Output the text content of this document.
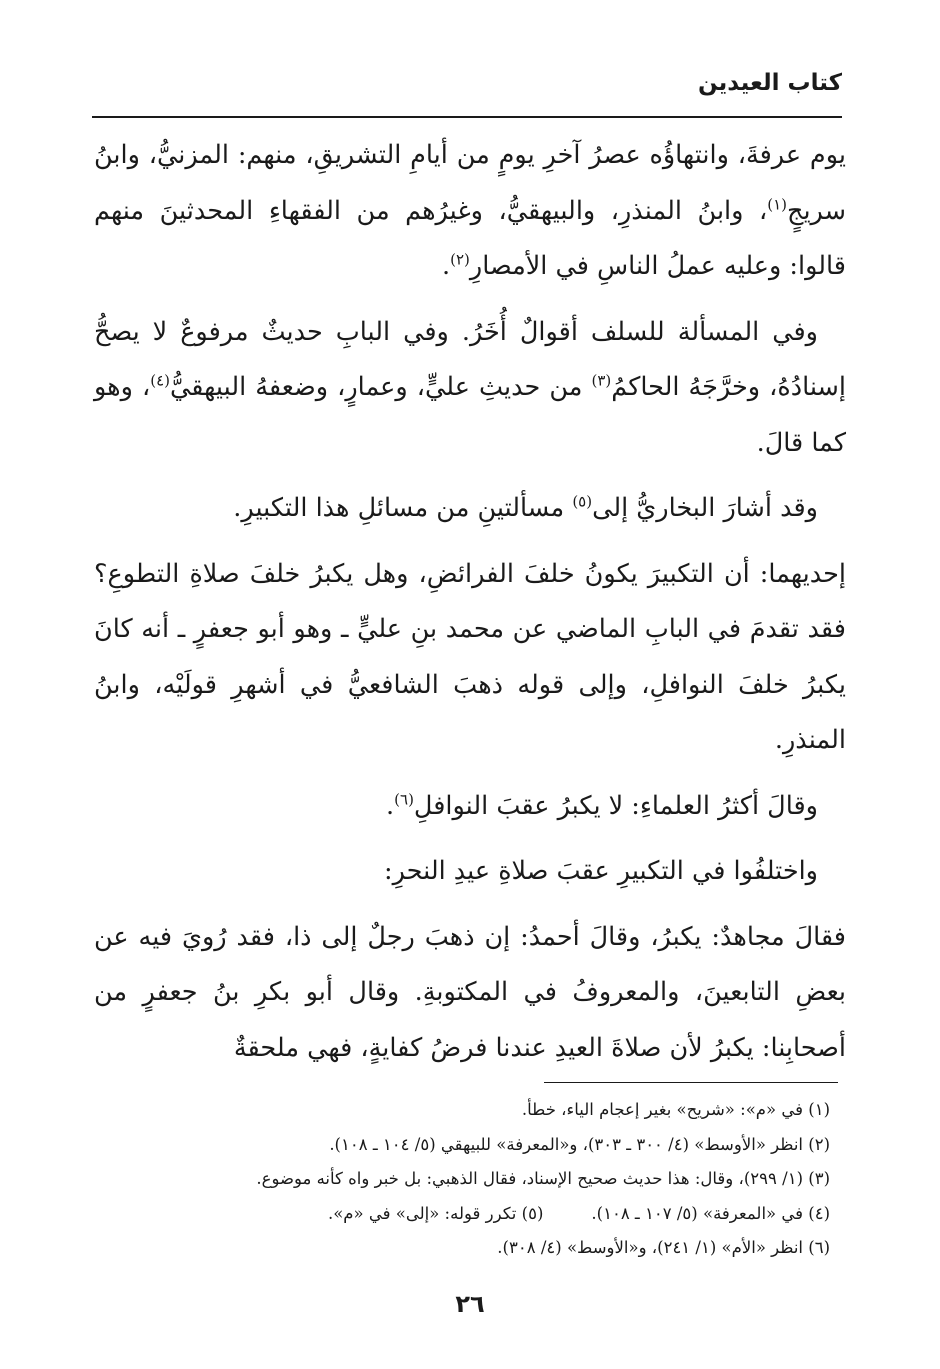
كتاب العيدين

يوم عرفةَ، وانتهاؤُه عصرُ آخرِ يومٍ من أيامِ التشريقِ، منهم: المزنيُّ، وابنُ سريجٍ$^{(١)}$، وابنُ المنذرِ، والبيهقيُّ، وغيرُهم من الفقهاءِ المحدثينَ منهم قالوا: وعليه عملُ الناسِ في الأمصارِ$^{(٢)}$.

وفي المسألة للسلف أقوالٌ أُخَرُ. وفي البابِ حديثٌ مرفوعٌ لا يصحُّ إسنادُهُ، وخرَّجَهُ الحاكمُ$^{(٣)}$ من حديثِ عليٍّ، وعمارٍ، وضعفهُ البيهقيُّ$^{(٤)}$، وهو كما قالَ.

وقد أشارَ البخاريُّ إلى$^{(٥)}$ مسألتينِ من مسائلِ هذا التكبيرِ.

إحديهما: أن التكبيرَ يكونُ خلفَ الفرائضِ، وهل يكبرُ خلفَ صلاةِ التطوعِ؟ فقد تقدمَ في البابِ الماضي عن محمد بنِ عليٍّ ـ وهو أبو جعفرٍ ـ أنه كانَ يكبرُ خلفَ النوافلِ، وإلى قوله ذهبَ الشافعيُّ في أشهرِ قولَيْه، وابنُ المنذرِ.

وقالَ أكثرُ العلماءِ: لا يكبرُ عقبَ النوافلِ$^{(٦)}$.

واختلفُوا في التكبيرِ عقبَ صلاةِ عيدِ النحرِ:

فقالَ مجاهدٌ: يكبرُ، وقالَ أحمدُ: إن ذهبَ رجلٌ إلى ذا، فقد رُويَ فيه عن بعضِ التابعينَ، والمعروفُ في المكتوبةِ. وقال أبو بكرِ بنُ جعفرٍ من أصحابِنا: يكبرُ لأن صلاةَ العيدِ عندنا فرضُ كفايةٍ، فهي ملحقةٌ

(١) في «م»: «شريح» بغير إعجام الياء، خطأ.
(٢) انظر «الأوسط» (٤/ ٣٠٠ ـ ٣٠٣)، و«المعرفة» للبيهقي (٥/ ١٠٤ ـ ١٠٨).
(٣) (١/ ٢٩٩)، وقال: هذا حديث صحيح الإسناد، فقال الذهبي: بل خبر واه كأنه موضوع.
(٤) في «المعرفة» (٥/ ١٠٧ ـ ١٠٨).
(٥) تكرر قوله: «إلى» في «م».
(٦) انظر «الأم» (١/ ٢٤١)، و«الأوسط» (٤/ ٣٠٨).
٢٦
